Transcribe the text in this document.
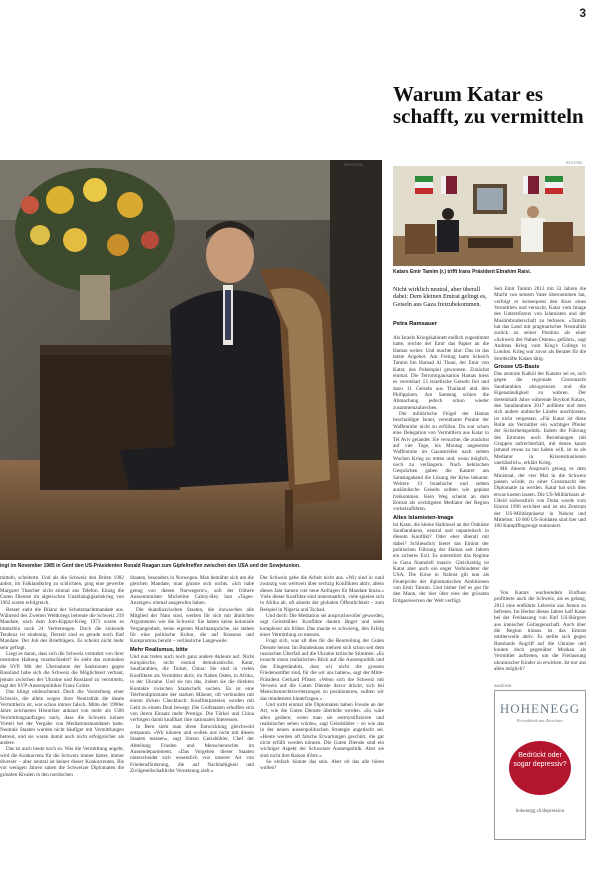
3
Warum Katar es schafft, zu vermitteln
KEYSTONE
ingt im November 1985 in Genf den US-Präsidenten Ronald Reagan zum Gipfeltreffen zwischen den USA und der Sowjetunion.
REUTERS
Katars Emir Tamim (r.) trifft Irans Präsident Ebrahim Raisi.
Nicht wirklich neutral, aber überall dabei: Dem kleinen Emirat gelingt es, Geiseln aus Gaza freizubekommen.
Petra Ramsauer

Als Israels Kriegskabinett endlich zugestimmt hatte, reichte der Emir das Papier an die Hamas weiter. Und machte klar: Das ist das letzte Angebot. Am Freitag hatte Scheich Tamim bin Hamad Al Thani, der Emir von Katar, das Pokerspiel gewonnen. Zunächst einmal. Die Terrororganisation Hamas hiess es vereinbart 13 israelische Geiseln frei und dazu 11 Geiseln aus Thailand und den Philippinen. Am Samstag schien die Abmachung jedoch schon wieder zusammenzubrechen.

Der militärische Flügel der Hamas beschuldigte Israel, vereinbarte Punkte der Waffenruhe nicht zu erfüllen. Da war schon eine Delegation von Vermittlern aus Katar in Tel Aviv gelandet. Sie versuchte, die zunächst auf vier Tage, bis Montag angesetzte Waffenruhe im Gazastreifen nach sieben Wochen Krieg zu retten und, wenn möglich, noch zu verlängern. Nach hektischen Gesprächen gaben die Katarer am Samstagabend die Lösung der Krise bekannt. Weitere 13 Israelische und sieben ausländische Geiseln sollten wie geplant freikommen. Kein Weg scheint an dem Emirat als wichtigsten Mediator der Region vorbeizuführen.

Altes Islamisten-Image

Ist Katar, die kleine Halbinsel an der Ostküste Saudiarabiens, neutral und unparteiisch in diesem Konflikt? Oder eher überall mit dabei? Schliesslich bietet das Emirat der politischen Führung der Hamas seit Jahren ein sicheres Exil. Es unterstützt das Regime in Gaza finanziell massiv. Gleichzeitig ist Katar aber auch ein enger Verbündeter der USA. Die Krise in Nahost gilt nun als Feuerprobe der diplomatischen Ambitionen von Emir Tamim. Und bisher lief es gut für den Mann, der hier über eine der grössten Erdgasreserven der Welt verfügt.

Seit Emir Tamim 2013 mit 33 Jahren die Macht von seinem Vater übernommen hat, verfolgt er konsequent den Kurs eines Vermittlers und versucht, Katar vom Image des Unterstützers von Islamisten und der Muslimbruderschaft zu befreien. «Tamim hat das Land mit pragmatischer Neutralität zurück zu seiner Position als einer «Schweiz des Nahen Ostens» geführt», sagt Andreas Krieg vom King's College in London. Krieg war zuvor als Berater für die Streitkräfte Katars tätig.

Grosse US-Basis

Das zentrale Kalkül der Katarer sei es, sich gegen die regionale Grossmacht Saudiarabien abzugrenzen und die Eigenständigkeit zu wahren. Der dreieinhalb Jahre währende Boykott Katars, den Saudiarabien 2017 anführte und dem sich andere arabische Länder anschlossen, ist nicht vergessen. «Für Katar ist diese Rolle als Vermittler ein wichtiger Pfeiler der Sicherheitspolitik. Indem die Führung des Emirates auch Beziehungen mit Gruppen aufrechterhält, mit denen kaum jemand etwas zu tun haben will, ist es als Mediator in Krisensituationen unerlässlich», erklärt Krieg.

Mit diesem Anspruch gelang es dem Ministaat, der vier Mal in die Schweiz passen würde, zu einer Grossmacht der Diplomatie zu werden. Katar hat sich dies etwas kosten lassen. Die US-Militärbasis al-Udeid südwestlich von Doha wurde vom Emirat 1996 errichtet und ist ein Zentrum der US-Militärpräsenz in Nahost und Mittelost. 10 000 US-Soldaten sind hier und 100 Kampfflugzeuge stationiert.

mitteln, scheiterte. Und als die Schweiz den Briten 1982 anbot, im Falklandkrieg zu schlichten, ging eine gewerbe Margaret Thatcher nicht einmal ans Telefon. Einzig die Guten Dienste im algerischen Unabhängigkeitskrieg von 1962 waren erfolgreich.

Besser sieht die Bilanz der Schutzmachtmandate aus. Während des Zweiten Weltkriegs betreute die Schweiz 219 Mandate, nach dem Jom-Kippur-Krieg 1973 waren es immerhin noch 24 Vertretungen. Doch die sinkende Tendenz ist eindeutig. Derzeit sind es gerade noch fünf Mandate. Der Job des Briefträgers. Es scheint nicht mehr sehr gefragt.

Liegt es daran, dass sich die Schweiz vermehrt von ihrer neutralen Haltung verabschiedet? So sieht das zumindest die SVP. Mit der Übernahme der Sanktionen gegen Russland habe sich die Schweiz die Möglichkeit verbaut, jemals zwischen der Ukraine und Russland zu vermitteln, sagt der SVP-Aussenpolitiker Franz Grüter.

Das klingt einleuchtend. Doch die Vorstellung einer Schweiz, die allein wegen ihrer Neutralität die ideale Vermittlerin ist, war schon immer falsch. Mitte der 1990er Jahre zeichneten Historiker anhand von mehr als 1500 Vermittlungsanfragen nach, dass die Schweiz keinen Vorteil bei der Vergabe von Mediationsmandaten hatte. Neutrale Staaten wurden nicht häufiger mit Vermittlungen betreut, und sie waren damit auch nicht erfolgreicher als andere.

Das ist auch heute noch so. Was die Vermittlung angeht, wird die Konkurrenz für die Schweiz immer härter, immer diverser – aber neutral ist keiner dieser Konkurrenten. Bis vor wenigen Jahren sahen die Schweizer Diplomaten die grössten Rivalen in den nordischen

Staaten, besonders in Norwegen. Man bemühte sich um die gleichen Mandate, man gönnte sich nichts. «Ich habe genug von diesen Norwegern!», soll der frühere Aussenminister Micheline Calmy-Rey laut «Tages-Anzeiger» einmal ausgerufen haben.

Die skandinavischen Staaten, die inzwischen alle Mitglied der Nato sind, werben für sich mit ähnlichen Argumenten wie die Schweiz: Sie haben keine koloniale Vergangenheit, keine eigenen Machtansprüche, sie stehen für eine politische Kultur, die auf Konsens und Kompromiss beruht – verlässliche Langeweile.

Mehr Realismus, bitte

Und nun treten auch noch ganz andere Akteure auf. Nicht europäische, nicht einmal demokratische. Katar, Saudiarabien, die Türkei, China: Sie sind in vielen Konflikten als Vermittler aktiv, im Nahen Osten, in Afrika, in der Ukraine. Und sie tun das, indem sie die direkten Kontakte zwischen Staatschefs suchen. Es ist eine Telefondiplomatie der starken Männer, oft verbunden mit einem dicken Checkbuch: Konfliktparteien werden mit Geld zu einem Deal bewegt. Die Golfstaaten erhoffen sich von ihrem Einsatz mehr Prestige. Die Türkei und China verfolgen damit knallhart ihre nationalen Interessen.

In Bern sieht man diese Entwicklung gleichwohl entspannt. «Wir können und wollen uns nicht mit diesen Staaten messen», sagt Simon Geissbühler, Chef der Abteilung Frieden und Menschenrechte im Aussendepartement. «Das Vorgehen dieser Staaten unterscheidet sich wesentlich von unserer Art von Friedensförderung, die auf Nachhaltigkeit und Zivilgesellschaftliche Vernetzung zielt.»

Der Schweiz gehe die Arbeit nicht aus. «Wir sind in rund zwanzig von weltweit über sechzig Konflikten aktiv, allein dieses Jahr kamen vier neue Anfragen für Mandate hinzu.» Viele dieser Konflikte sind innerstaatlich, viele spielen sich in Afrika ab, oft abseits der globalen Öffentlichkeit – zum Beispiel in Nigeria und Tschad.

Und doch: Die Mediation sei anspruchsvoller geworden, sagt Geissbühler. Konflikte dauern länger und seien komplexer als früher. Das mache es schwierig, den Erfolg einer Vermittlung zu messen.

Fragt sich, was all dies für die Beurteilung der Guten Dienste heisst. Im Bundeshaus mehren sich schon seit dem russischen Überfall auf die Ukraine kritische Stimmen. «Es braucht einen realistischen Blick auf die Aussenpolitik und das Eingeständnis, dass wir nicht die grossen Friedensstifter sind, für die wir uns halten», sagt der Mitte-Präsident Gerhard Pfister. «Wenn sich die Schweiz mit Verweis auf die Guten Dienste davor drückt, sich bei Menschenrechtsverletzungen zu positionieren, sollten wir das mindestens hinterfragen.»

Und nicht einmal alle Diplomaten haben Freude an der Art, wie die Guten Dienste überhöht werden. «Es wäre allen gedient, wenn man sie entmystifizieren und realistischer sehen würde», sagt Geissbühler – so wie das in der neuen aussenpolitischen Strategie angedacht sei. «Heute werden oft falsche Erwartungen geschürt, die gar nicht erfüllt werden können. Die Guten Dienste sind ein wichtiger Aspekt der Schweizer Aussenpolitik. Aber sie sind nicht ihre Raison d'être.»

So einfach könnte das sein. Aber ob das alle hören wollen?

Von Katars wachsendem Einfluss profitierte auch die Schweiz, als es gelang, 2013 eine entführte Lehrerin aus Jemen zu befreien. Im Herbst dieses Jahres half Katar bei der Freilassung von fünf US-Bürgern aus iranischer Gefangenschaft. Auch über die Region hinaus ist das Emirat mittlerweile aktiv. Es stellte sich gegen Russlands Angriff auf die Ukraine und konnte doch gegenüber Moskau als Vermittler auftreten, um die Freilassung ukrainischer Kinder zu erwirken. Ist nur aus allen möglich?

ANZEIGE
HOHENEGG
Privatklinik am Zürichsee
Bedrückt oder sogar depressiv?
hohenegg.ch/depression
